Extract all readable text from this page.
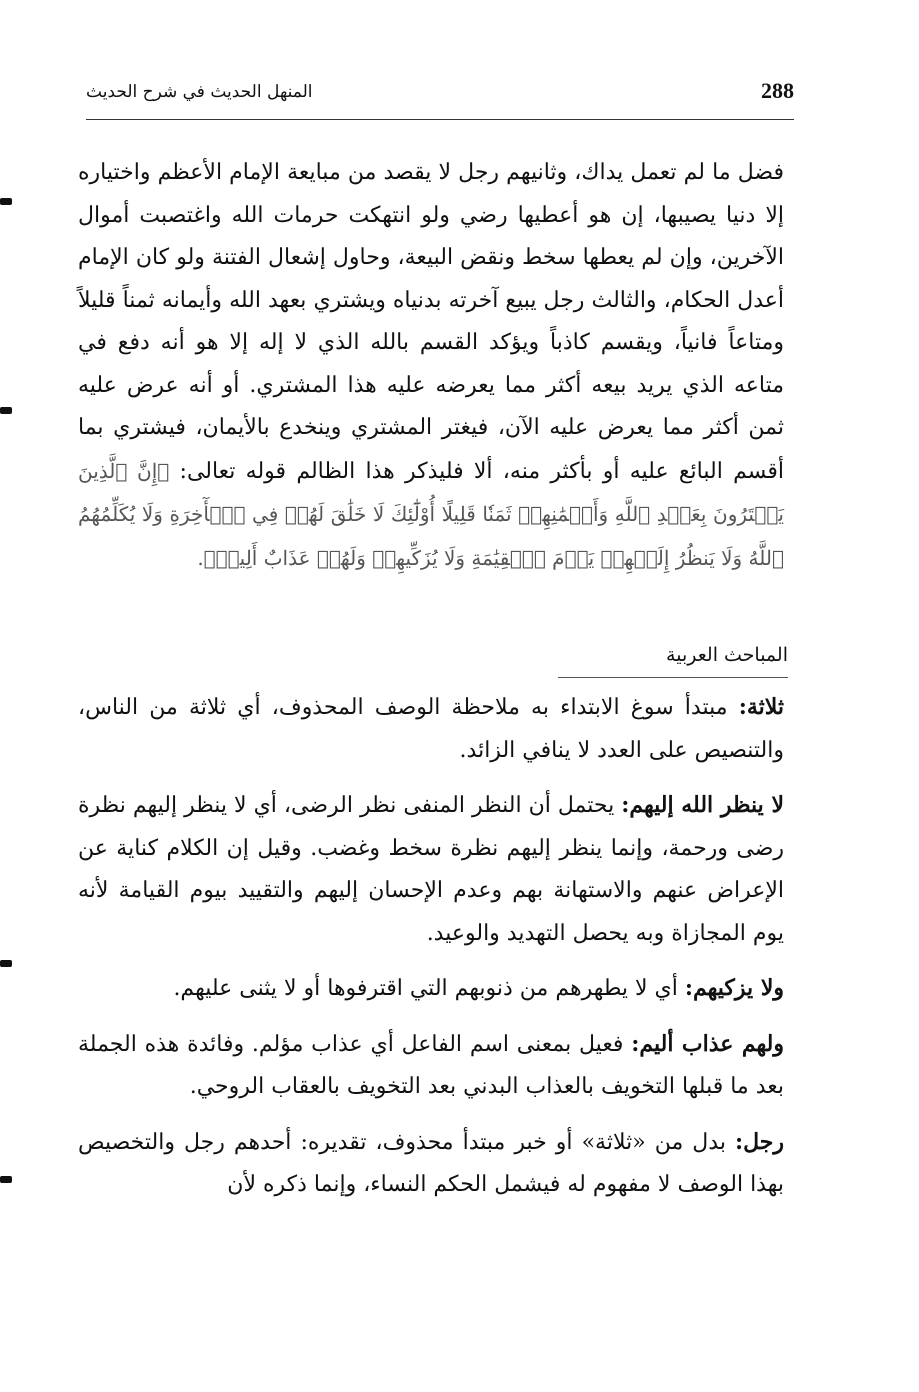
288
المنهل الحديث في شرح الحديث
فضل ما لم تعمل يداك، وثانيهم رجل لا يقصد من مبايعة الإمام الأعظم واختياره إلا دنيا يصيبها، إن هو أعطيها رضي ولو انتهكت حرمات الله واغتصبت أموال الآخرين، وإن لم يعطها سخط ونقض البيعة، وحاول إشعال الفتنة ولو كان الإمام أعدل الحكام، والثالث رجل يبيع آخرته بدنياه ويشتري بعهد الله وأيمانه ثمناً قليلاً ومتاعاً فانياً، ويقسم كاذباً ويؤكد القسم بالله الذي لا إله إلا هو أنه دفع في متاعه الذي يريد بيعه أكثر مما يعرضه عليه هذا المشتري. أو أنه عرض عليه ثمن أكثر مما يعرض عليه الآن، فيغتر المشتري وينخدع بالأيمان، فيشتري بما أقسم البائع عليه أو بأكثر منه، ألا فليذكر هذا الظالم قوله تعالى: ﴿إِنَّ ٱلَّذِينَ يَشۡتَرُونَ بِعَهۡدِ ٱللَّهِ وَأَيۡمَٰنِهِمۡ ثَمَنٗا قَلِيلًا أُوْلَٰٓئِكَ لَا خَلَٰقَ لَهُمۡ فِي ٱلۡأٓخِرَةِ وَلَا يُكَلِّمُهُمُ ٱللَّهُ وَلَا يَنظُرُ إِلَيۡهِمۡ يَوۡمَ ٱلۡقِيَٰمَةِ وَلَا يُزَكِّيهِمۡ وَلَهُمۡ عَذَابٌ أَلِيمٞ﴾.
المباحث العربية

ثلاثة: مبتدأ سوغ الابتداء به ملاحظة الوصف المحذوف، أي ثلاثة من الناس، والتنصيص على العدد لا ينافي الزائد.

لا ينظر الله إليهم: يحتمل أن النظر المنفى نظر الرضى، أي لا ينظر إليهم نظرة رضى ورحمة، وإنما ينظر إليهم نظرة سخط وغضب. وقيل إن الكلام كناية عن الإعراض عنهم والاستهانة بهم وعدم الإحسان إليهم والتقييد بيوم القيامة لأنه يوم المجازاة وبه يحصل التهديد والوعيد.

ولا يزكيهم: أي لا يطهرهم من ذنوبهم التي اقترفوها أو لا يثنى عليهم.

ولهم عذاب أليم: فعيل بمعنى اسم الفاعل أي عذاب مؤلم. وفائدة هذه الجملة بعد ما قبلها التخويف بالعذاب البدني بعد التخويف بالعقاب الروحي.

رجل: بدل من «ثلاثة» أو خبر مبتدأ محذوف، تقديره: أحدهم رجل والتخصيص بهذا الوصف لا مفهوم له فيشمل الحكم النساء، وإنما ذكره لأن
